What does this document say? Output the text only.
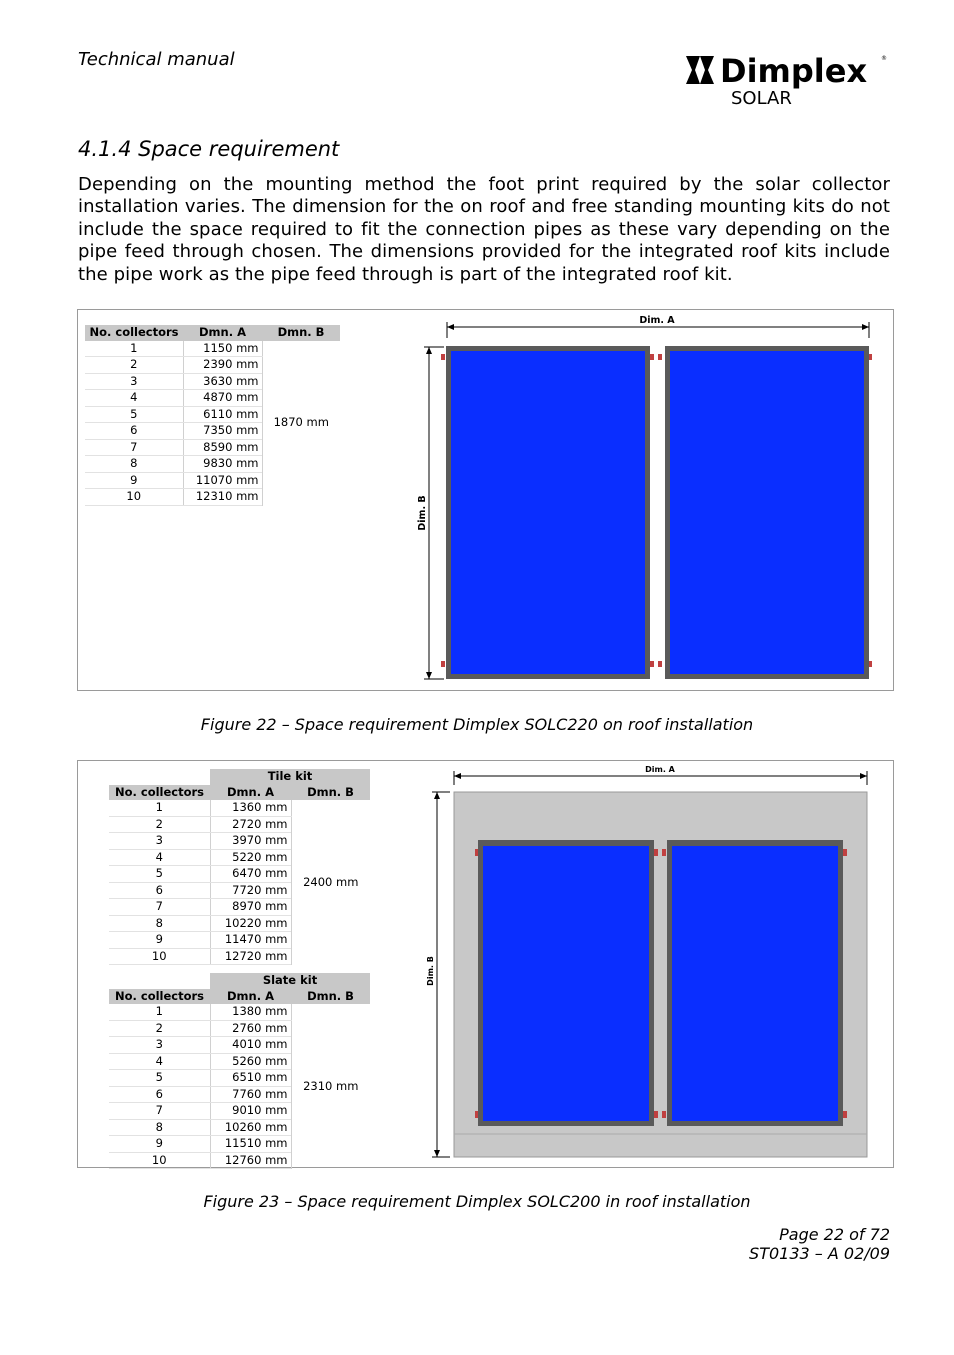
Technical manual	Dimplex ®
SOLAR
4.1.4 Space requirement
Depending on the mounting method the foot print required by the solar collector installation varies. The dimension for the on roof and free standing mounting kits do not include the space required to fit the connection pipes as these vary depending on the pipe feed through chosen. The dimensions provided for the integrated roof kits include the pipe work as the pipe feed through is part of the integrated roof kit.
No. collectors	Dmn. A	Dmn. B
1	1150 mm	1870 mm
2	2390 mm	
3	3630 mm	
4	4870 mm	
5	6110 mm	
6	7350 mm	
7	8590 mm	
8	9830 mm	
9	11070 mm	
10	12310 mm	
Dim. A
Dim. B
Figure 22 – Space requirement Dimplex SOLC220 on roof installation
	Tile kit	
No. collectors	Dmn. A	Dmn. B
1	1360 mm	2400 mm
2	2720 mm	
3	3970 mm	
4	5220 mm	
5	6470 mm	
6	7720 mm	
7	8970 mm	
8	10220 mm	
9	11470 mm	
10	12720 mm	
	Slate kit	
No. collectors	Dmn. A	Dmn. B
1	1380 mm	2310 mm
2	2760 mm	
3	4010 mm	
4	5260 mm	
5	6510 mm	
6	7760 mm	
7	9010 mm	
8	10260 mm	
9	11510 mm	
10	12760 mm	
Dim. A
Dim. B
Figure 23 – Space requirement Dimplex SOLC200 in roof installation
Page 22 of 72
ST0133 – A 02/09
